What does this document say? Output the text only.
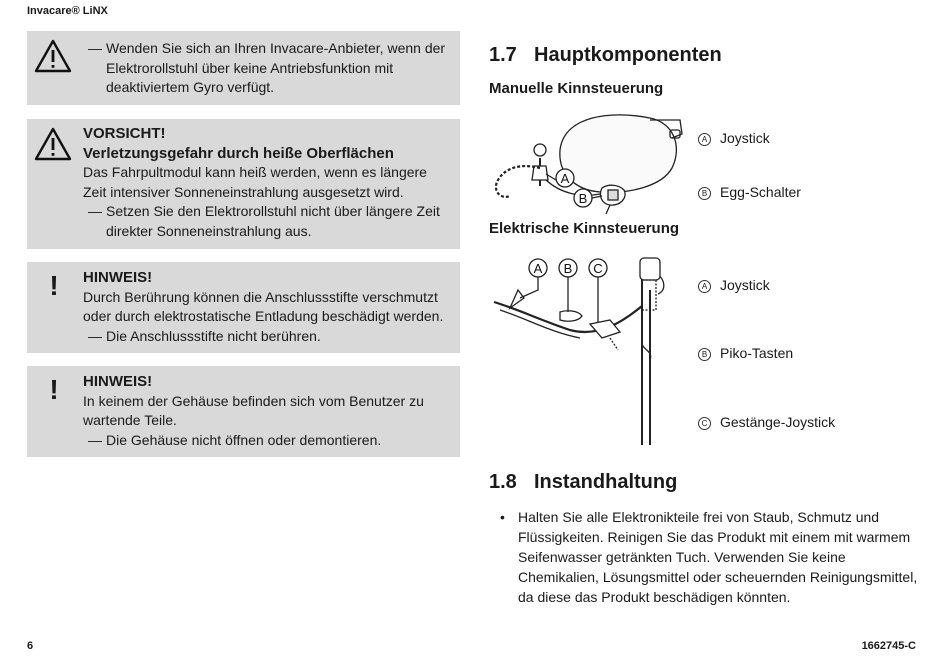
Invacare® LiNX
— Wenden Sie sich an Ihren Invacare-Anbieter, wenn der Elektrorollstuhl über keine Antriebsfunktion mit deaktiviertem Gyro verfügt.
VORSICHT!
Verletzungsgefahr durch heiße Oberflächen
Das Fahrpultmodul kann heiß werden, wenn es längere Zeit intensiver Sonneneinstrahlung ausgesetzt wird.
— Setzen Sie den Elektrorollstuhl nicht über längere Zeit direkter Sonneneinstrahlung aus.
!	HINWEIS!
Durch Berührung können die Anschlussstifte verschmutzt oder durch elektrostatische Entladung beschädigt werden.
— Die Anschlussstifte nicht berühren.
!	HINWEIS!
In keinem der Gehäuse befinden sich vom Benutzer zu wartende Teile.
— Die Gehäuse nicht öffnen oder demontieren.
1.7 Hauptkomponenten
Manuelle Kinnsteuerung
A
B
A Joystick
B Egg-Schalter
Elektrische Kinnsteuerung
A B C
A Joystick
B Piko-Tasten
C Gestänge-Joystick
1.8 Instandhaltung
• Halten Sie alle Elektronikteile frei von Staub, Schmutz und Flüssigkeiten. Reinigen Sie das Produkt mit einem mit warmem Seifenwasser getränkten Tuch. Verwenden Sie keine Chemikalien, Lösungsmittel oder scheuernden Reinigungsmittel, da diese das Produkt beschädigen könnten.
6	1662745-C
